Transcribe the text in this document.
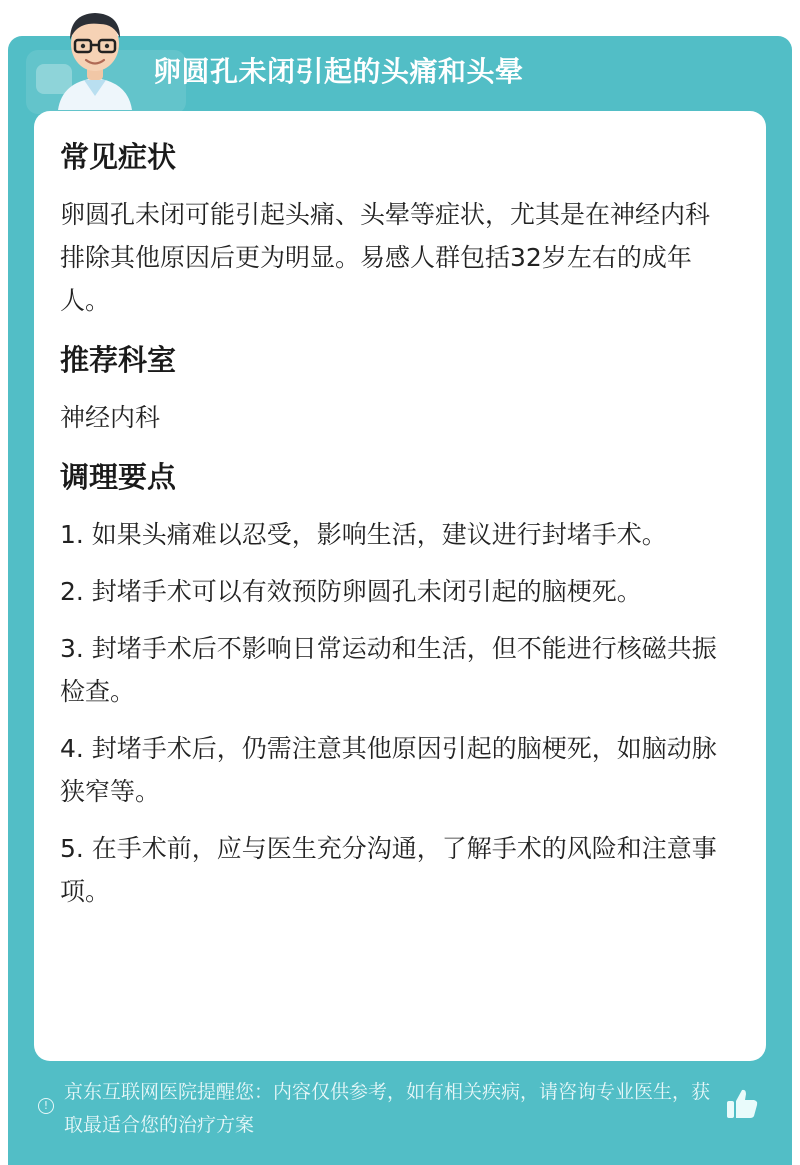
卵圆孔未闭引起的头痛和头晕
常见症状

卵圆孔未闭可能引起头痛、头晕等症状，尤其是在神经内科排除其他原因后更为明显。易感人群包括32岁左右的成年人。

推荐科室

神经内科

调理要点

1. 如果头痛难以忍受，影响生活，建议进行封堵手术。

2. 封堵手术可以有效预防卵圆孔未闭引起的脑梗死。

3. 封堵手术后不影响日常运动和生活，但不能进行核磁共振检查。

4. 封堵手术后，仍需注意其他原因引起的脑梗死，如脑动脉狭窄等。

5. 在手术前，应与医生充分沟通，了解手术的风险和注意事项。

!
京东互联网医院提醒您：内容仅供参考，如有相关疾病，请咨询专业医生，获取最适合您的治疗方案
